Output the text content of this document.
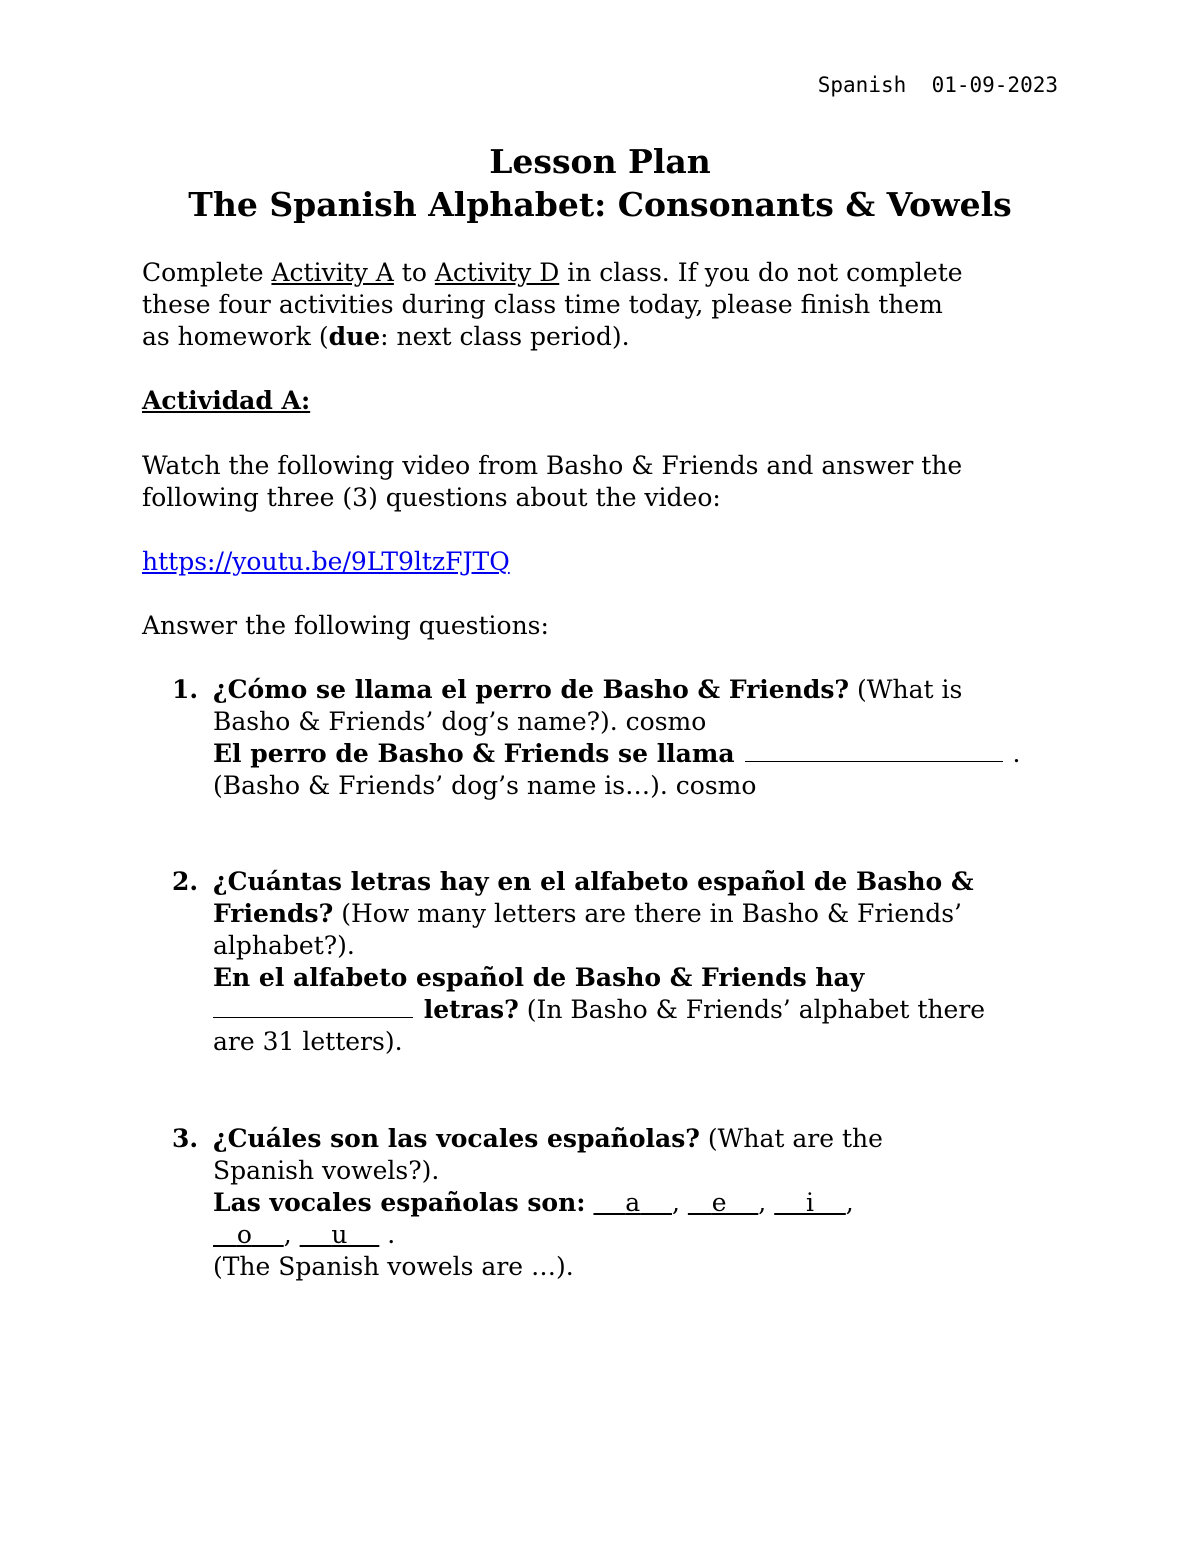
Spanish 01-09-2023
Lesson Plan
The Spanish Alphabet: Consonants & Vowels
Complete Activity A to Activity D in class. If you do not complete
these four activities during class time today, please finish them
as homework (due: next class period).
Actividad A:
Watch the following video from Basho & Friends and answer the
following three (3) questions about the video:
https://youtu.be/9LT9ltzFJTQ
Answer the following questions:
1. ¿Cómo se llama el perro de Basho & Friends? (What is
Basho & Friends’ dog’s name?). cosmo
El perro de Basho & Friends se llama	.
(Basho & Friends’ dog’s name is…). cosmo
2. ¿Cuántas letras hay en el alfabeto español de Basho &
Friends? (How many letters are there in Basho & Friends’
alphabet?).
En el alfabeto español de Basho & Friends hay
letras? (In Basho & Friends’ alphabet there
are 31 letters).
3. ¿Cuáles son las vocales españolas? (What are the
Spanish vowels?).
Las vocales españolas son: a , e , i ,
o , u     .
(The Spanish vowels are …).
